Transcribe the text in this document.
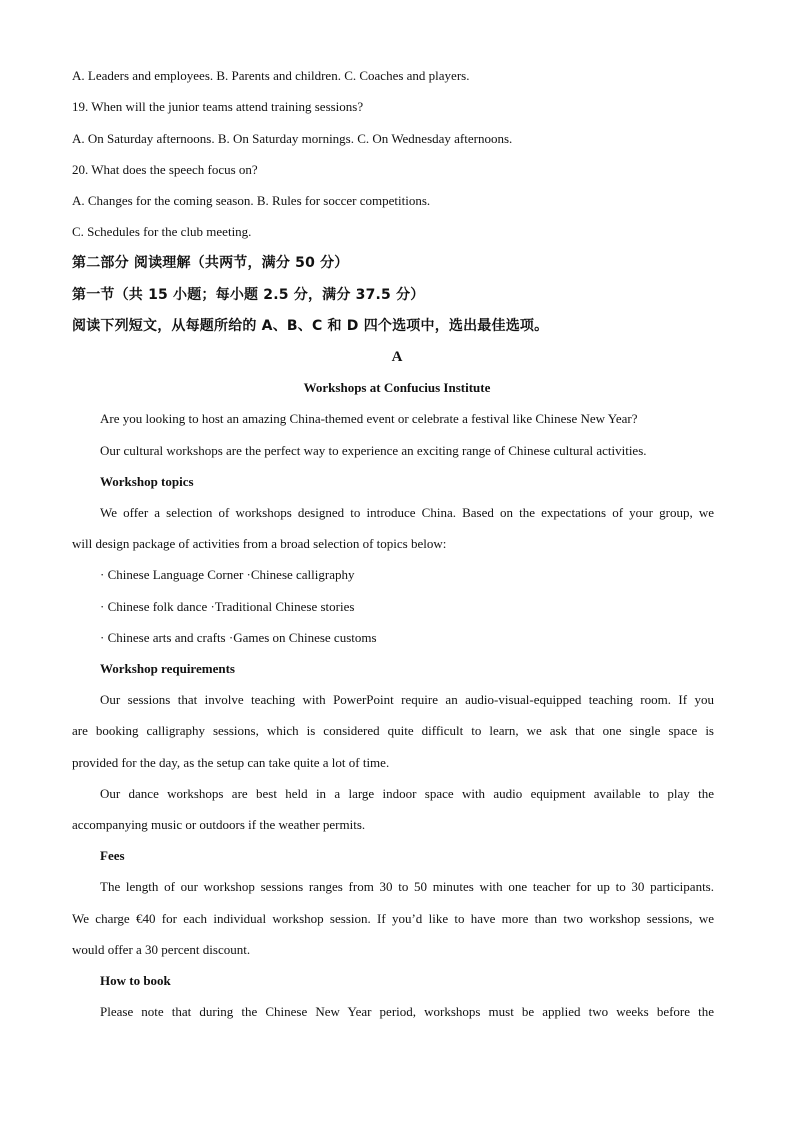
A. Leaders and employees. B. Parents and children. C. Coaches and players.
19. When will the junior teams attend training sessions?
A. On Saturday afternoons. B. On Saturday mornings. C. On Wednesday afternoons.
20. What does the speech focus on?
A. Changes for the coming season. B. Rules for soccer competitions.
C. Schedules for the club meeting.
第二部分 阅读理解（共两节，满分 50 分）
第一节（共 15 小题；每小题 2.5 分，满分 37.5 分）
阅读下列短文，从每题所给的 A、B、C 和 D 四个选项中，选出最佳选项。
A
Workshops at Confucius Institute
Are you looking to host an amazing China-themed event or celebrate a festival like Chinese New Year?
Our cultural workshops are the perfect way to experience an exciting range of Chinese cultural activities.
Workshop topics
We offer a selection of workshops designed to introduce China. Based on the expectations of your group, we
will design package of activities from a broad selection of topics below:
· Chinese Language Corner ·Chinese calligraphy
· Chinese folk dance ·Traditional Chinese stories
· Chinese arts and crafts ·Games on Chinese customs
Workshop requirements
Our sessions that involve teaching with PowerPoint require an audio-visual-equipped teaching room. If you
are booking calligraphy sessions, which is considered quite difficult to learn, we ask that one single space is
provided for the day, as the setup can take quite a lot of time.
Our dance workshops are best held in a large indoor space with audio equipment available to play the
accompanying music or outdoors if the weather permits.
Fees
The length of our workshop sessions ranges from 30 to 50 minutes with one teacher for up to 30 participants.
We charge €40 for each individual workshop session. If you’d like to have more than two workshop sessions, we
would offer a 30 percent discount.
How to book
Please note that during the Chinese New Year period, workshops must be applied two weeks before the
